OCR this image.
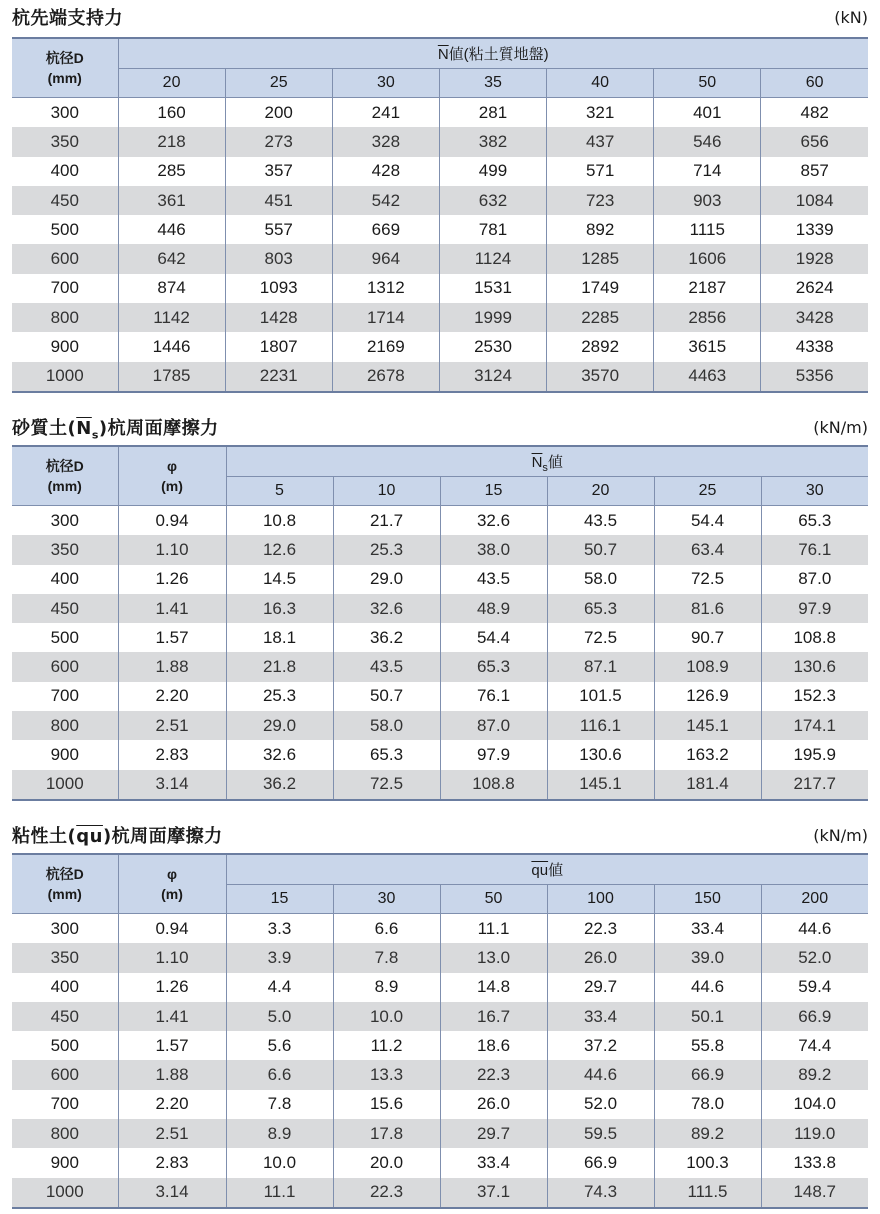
杭先端支持力	(kN)
杭径D
(mm)	$\overline{N}$値(粘土質地盤)						
	20	25	30	35	40	50	60
300	160	200	241	281	321	401	482
350	218	273	328	382	437	546	656
400	285	357	428	499	571	714	857
450	361	451	542	632	723	903	1084
500	446	557	669	781	892	1115	1339
600	642	803	964	1124	1285	1606	1928
700	874	1093	1312	1531	1749	2187	2624
800	1142	1428	1714	1999	2285	2856	3428
900	1446	1807	2169	2530	2892	3615	4338
1000	1785	2231	2678	3124	3570	4463	5356
砂質土$(\overline{N}_s)$杭周面摩擦力	(kN/m)
杭径D
(mm)	φ
(m)	$\overline{N}_s$値					
		5	10	15	20	25	30
300	0.94	10.8	21.7	32.6	43.5	54.4	65.3
350	1.10	12.6	25.3	38.0	50.7	63.4	76.1
400	1.26	14.5	29.0	43.5	58.0	72.5	87.0
450	1.41	16.3	32.6	48.9	65.3	81.6	97.9
500	1.57	18.1	36.2	54.4	72.5	90.7	108.8
600	1.88	21.8	43.5	65.3	87.1	108.9	130.6
700	2.20	25.3	50.7	76.1	101.5	126.9	152.3
800	2.51	29.0	58.0	87.0	116.1	145.1	174.1
900	2.83	32.6	65.3	97.9	130.6	163.2	195.9
1000	3.14	36.2	72.5	108.8	145.1	181.4	217.7
粘性土$(\overline{qu})$杭周面摩擦力	(kN/m)
杭径D
(mm)	φ
(m)	$\overline{qu}$値					
		15	30	50	100	150	200
300	0.94	3.3	6.6	11.1	22.3	33.4	44.6
350	1.10	3.9	7.8	13.0	26.0	39.0	52.0
400	1.26	4.4	8.9	14.8	29.7	44.6	59.4
450	1.41	5.0	10.0	16.7	33.4	50.1	66.9
500	1.57	5.6	11.2	18.6	37.2	55.8	74.4
600	1.88	6.6	13.3	22.3	44.6	66.9	89.2
700	2.20	7.8	15.6	26.0	52.0	78.0	104.0
800	2.51	8.9	17.8	29.7	59.5	89.2	119.0
900	2.83	10.0	20.0	33.4	66.9	100.3	133.8
1000	3.14	11.1	22.3	37.1	74.3	111.5	148.7
